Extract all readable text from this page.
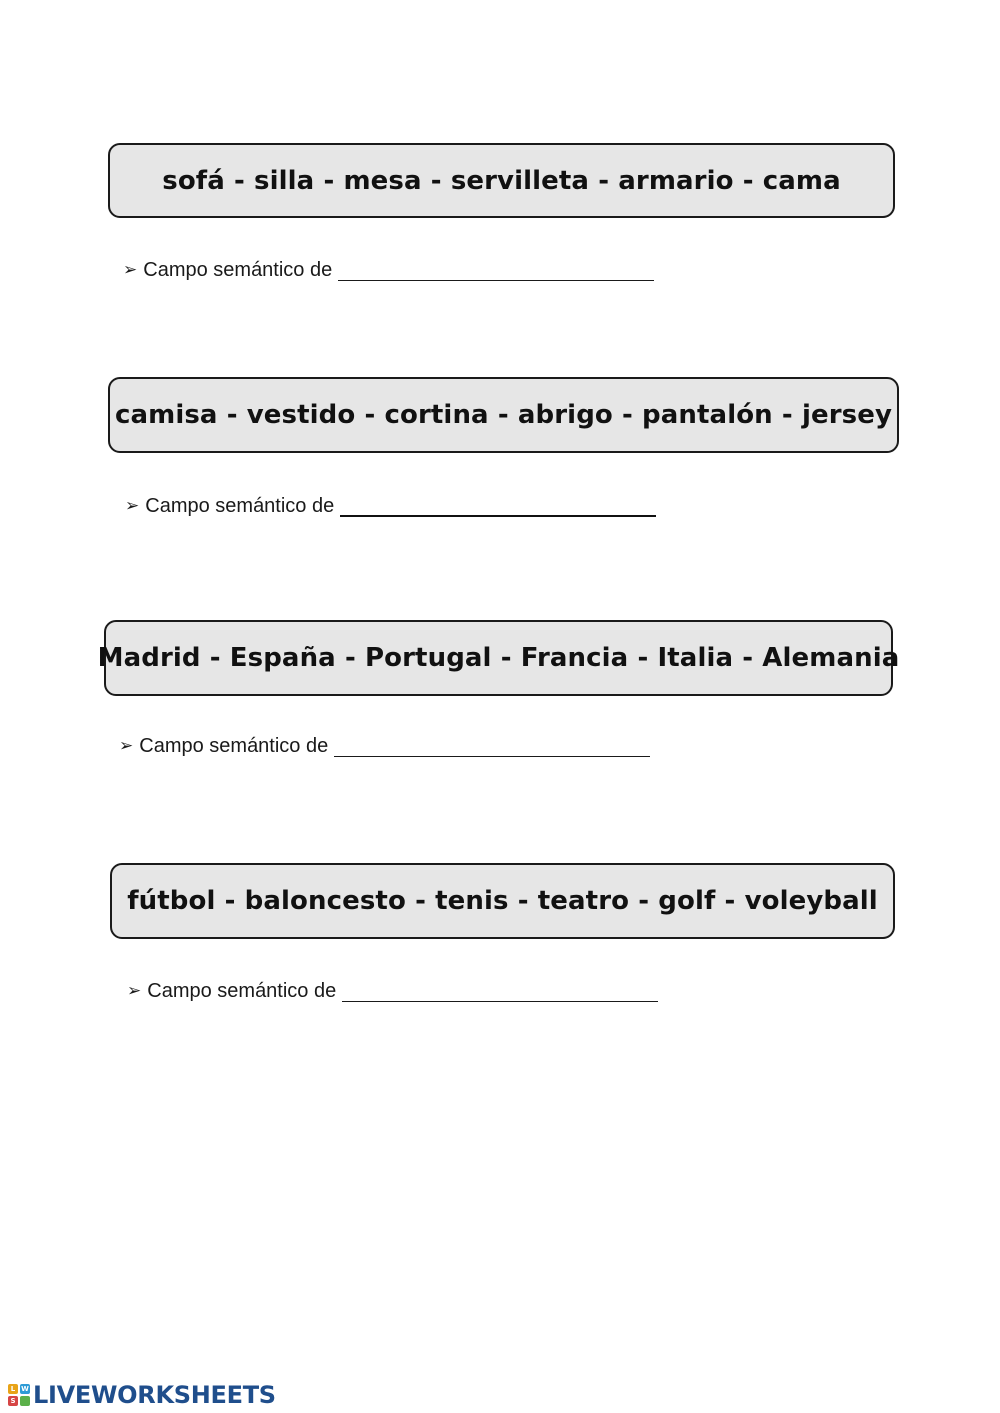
sofá - silla - mesa - servilleta - armario - cama
➢ Campo semántico de
camisa - vestido - cortina - abrigo - pantalón - jersey
➢ Campo semántico de
Madrid - España - Portugal - Francia - Italia - Alemania
➢ Campo semántico de
fútbol - baloncesto - tenis - teatro - golf - voleyball
➢ Campo semántico de
L W
S LIVEWORKSHEETS
